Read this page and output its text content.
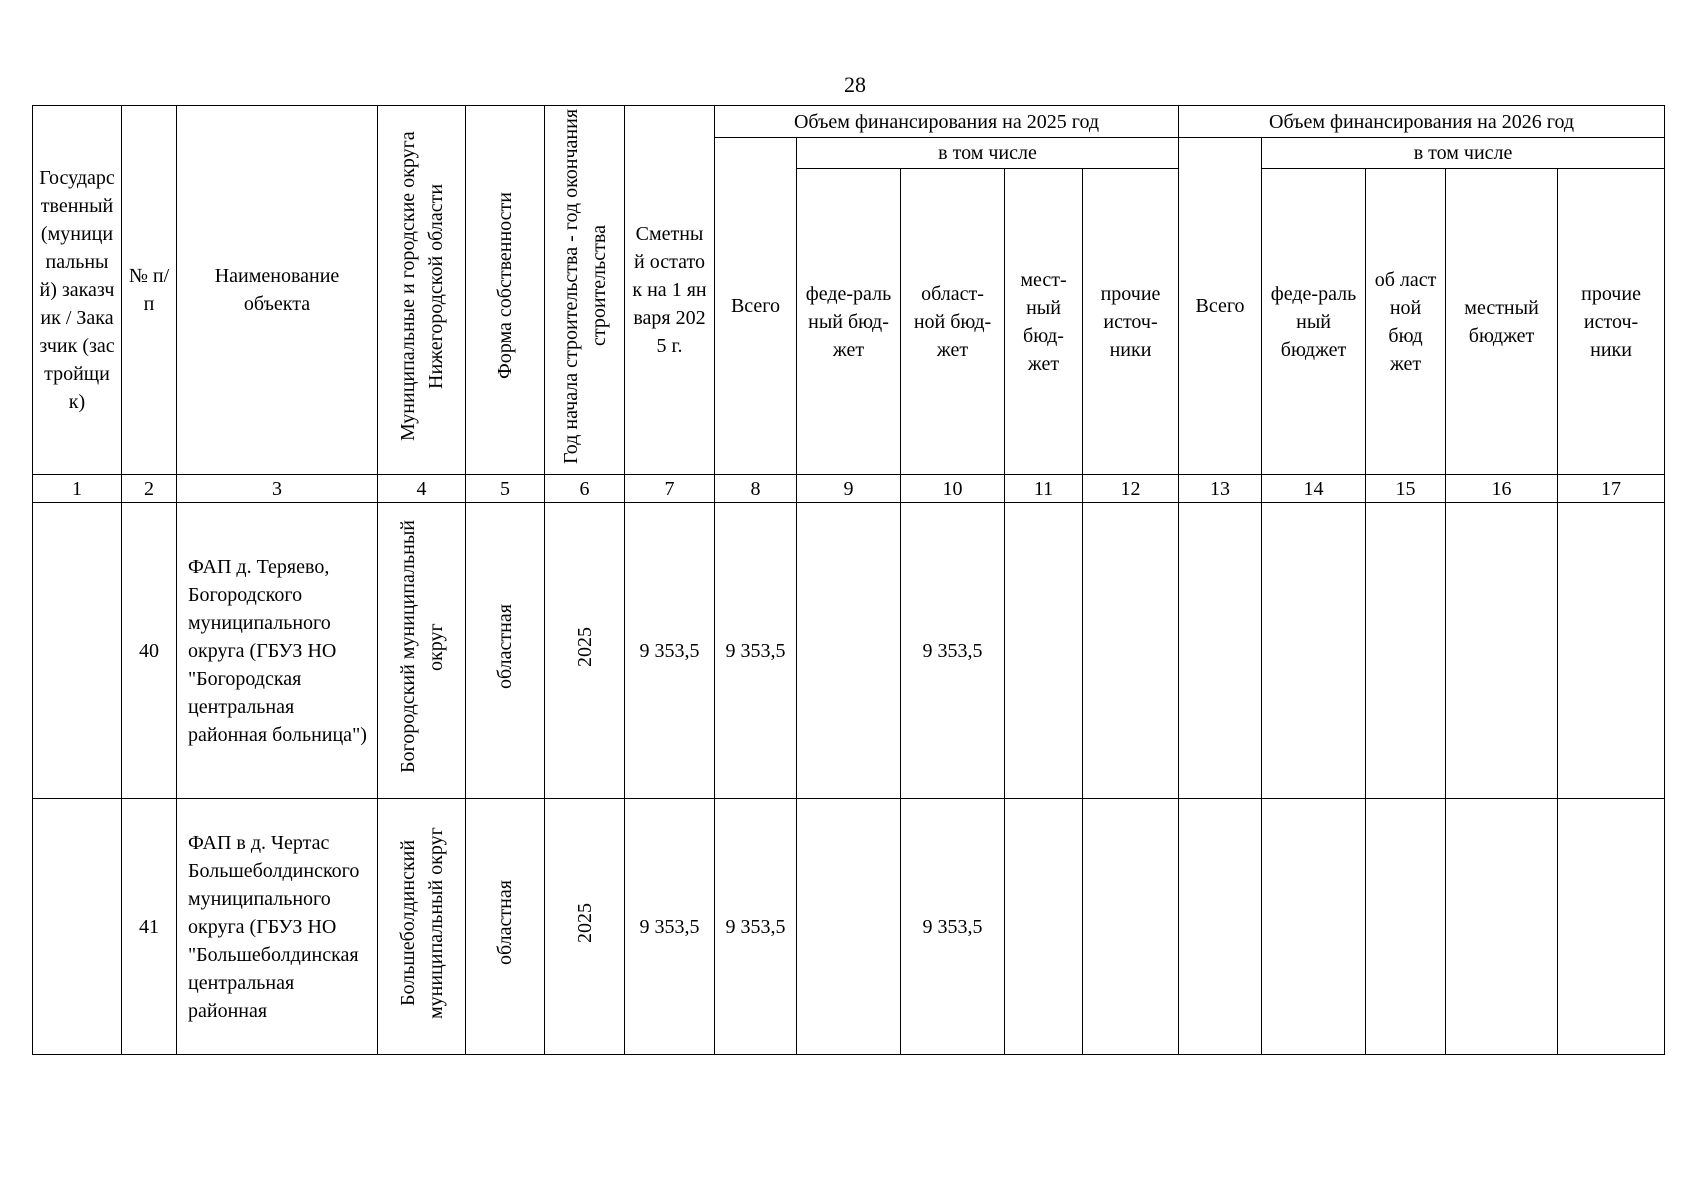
28
Государственный (муниципальный) заказчик / Заказчик (застройщик)	№ п/п	Наименование объекта	Муниципальные и городские округа Нижегородской области	Форма собственности	Год начала строительства - год окончания строительства	Сметный остаток на 1 января 2025 г.	Объем финансирования на 2025 год					Объем финансирования на 2026 год				
							Всего	в том числе				Всего	в том числе			
								феде-раль ный бюд-жет	област-ной бюд-жет	мест-ный бюд-жет	прочие источ-ники		феде-раль ный бюджет	об ласт ной бюд жет	местный бюджет	прочие источ-ники
1	2	3	4	5	6	7	8	9	10	11	12	13	14	15	16	17
	40	ФАП д. Теряево, Богородского муниципального округа (ГБУЗ НО "Богородская центральная районная больница")	Богородский муниципальный округ	областная	2025	9 353,5	9 353,5		9 353,5							
	41	ФАП в д. Чертас Большеболдинского муниципального округа (ГБУЗ НО "Большеболдинская центральная районная	Большеболдинский муниципальный округ	областная	2025	9 353,5	9 353,5		9 353,5							
